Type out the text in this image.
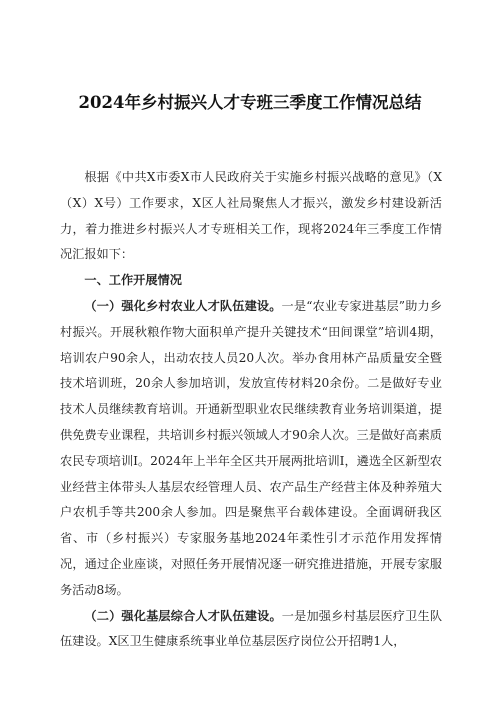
2024年乡村振兴人才专班三季度工作情况总结

根据《中共X市委X市人民政府关于实施乡村振兴战略的意见》（X（X）X号）工作要求，X区人社局聚焦人才振兴，激发乡村建设新活力，着力推进乡村振兴人才专班相关工作，现将2024年三季度工作情况汇报如下：

一、工作开展情况

（一）强化乡村农业人才队伍建设。一是“农业专家进基层”助力乡村振兴。开展秋粮作物大面积单产提升关键技术“田间课堂”培训4期，培训农户90余人，出动农技人员20人次。举办食用林产品质量安全暨技术培训班，20余人参加培训，发放宣传材料20余份。二是做好专业技术人员继续教育培训。开通新型职业农民继续教育业务培训渠道，提供免费专业课程，共培训乡村振兴领域人才90余人次。三是做好高素质农民专项培训I。2024年上半年全区共开展两批培训I，遴选全区新型农业经营主体带头人基层农经管理人员、农产品生产经营主体及种养殖大户农机手等共200余人参加。四是聚焦平台载体建设。全面调研我区省、市（乡村振兴）专家服务基地2024年柔性引才示范作用发挥情况，通过企业座谈，对照任务开展情况逐一研究推进措施，开展专家服务活动8场。

（二）强化基层综合人才队伍建设。一是加强乡村基层医疗卫生队伍建设。X区卫生健康系统事业单位基层医疗岗位公开招聘1人，
